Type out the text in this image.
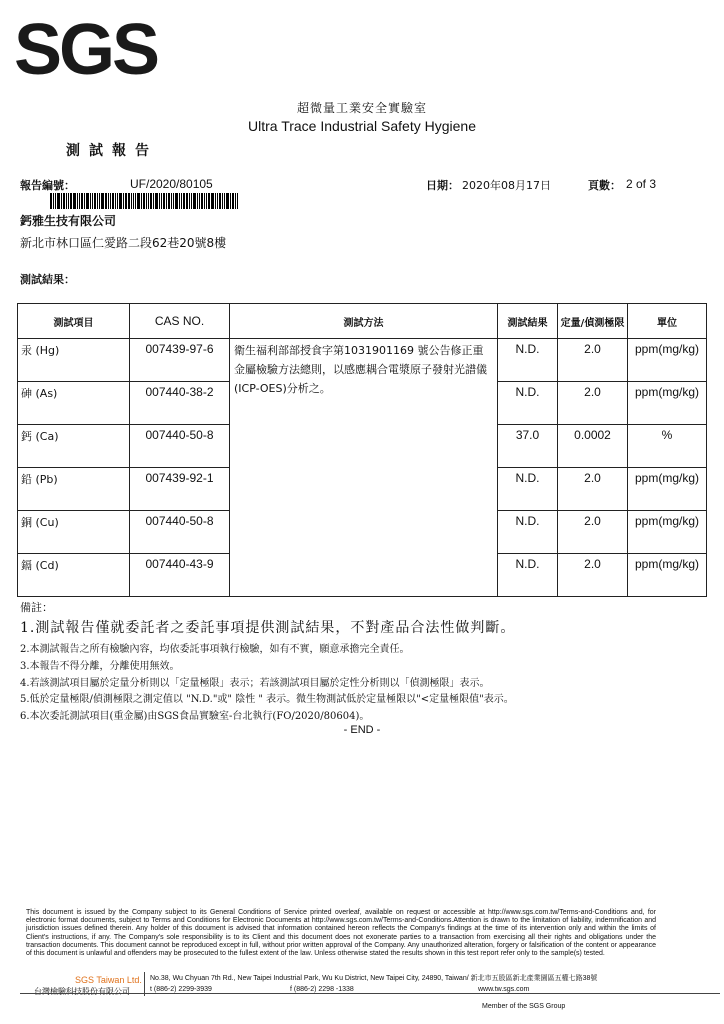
SGS
超微量工業安全實驗室
Ultra Trace Industrial Safety Hygiene
測試報告
報告編號：	UF/2020/80105	日期： 2020年08月17日	頁數： 2 of 3
鈣雅生技有限公司
新北市林口區仁愛路二段62巷20號8樓
測試結果：
測試項目	CAS NO.	測試方法	測試結果	定量/偵測極限	單位
汞 (Hg)	007439-97-6	衛生福利部部授食字第1031901169 號公告修正重金屬檢驗方法總則，以感應耦合電漿原子發射光譜儀(ICP-OES)分析之。	N.D.	2.0	ppm(mg/kg)
砷 (As)	007440-38-2		N.D.	2.0	ppm(mg/kg)
鈣 (Ca)	007440-50-8		37.0	0.0002	%
鉛 (Pb)	007439-92-1		N.D.	2.0	ppm(mg/kg)
銅 (Cu)	007440-50-8		N.D.	2.0	ppm(mg/kg)
鎘 (Cd)	007440-43-9		N.D.	2.0	ppm(mg/kg)
備註：
1.測試報告僅就委託者之委託事項提供測試結果，不對產品合法性做判斷。
2.本測試報告之所有檢驗內容，均依委託事項執行檢驗，如有不實，願意承擔完全責任。
3.本報告不得分離，分離使用無效。
4.若該測試項目屬於定量分析則以「定量極限」表示；若該測試項目屬於定性分析則以「偵測極限」表示。
5.低於定量極限/偵測極限之測定值以 "N.D."或" 陰性 " 表示。微生物測試低於定量極限以"<定量極限值"表示。
6.本次委託測試項目(重金屬)由SGS食品實驗室-台北執行(FO/2020/80604)。
- END -

This document is issued by the Company subject to its General Conditions of Service printed overleaf, available on request or accessible at http://www.sgs.com.tw/Terms-and-Conditions and, for electronic format documents, subject to Terms and Conditions for Electronic Documents at http://www.sgs.com.tw/Terms-and-Conditions.Attention is drawn to the limitation of liability, indemnification and jurisdiction issues defined therein. Any holder of this document is advised that information contained hereon reflects the Company's findings at the time of its intervention only and within the limits of Client's instructions, if any. The Company's sole responsibility is to its Client and this document does not exonerate parties to a transaction from exercising all their rights and obligations under the transaction documents. This document cannot be reproduced except in full, without prior written approval of the Company. Any unauthorized alteration, forgery or falsification of the content or appearance of this document is unlawful and offenders may be prosecuted to the fullest extent of the law. Unless otherwise stated the results shown in this test report refer only to the sample(s) tested.

SGS Taiwan Ltd.
台灣檢驗科技股份有限公司
No.38, Wu Chyuan 7th Rd., New Taipei Industrial Park, Wu Ku District, New Taipei City, 24890, Taiwan/ 新北市五股區新北產業園區五權七路38號
t (886-2) 2299-3939	f (886-2) 2298 -1338	www.tw.sgs.com
Member of the SGS Group
